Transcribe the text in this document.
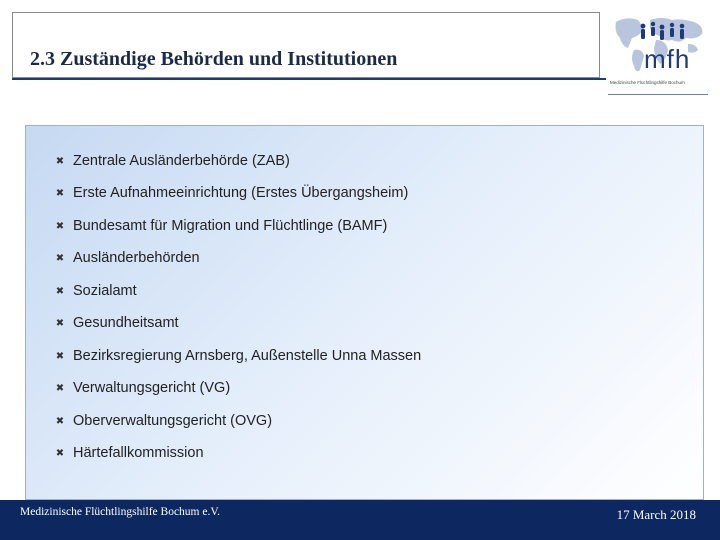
2.3 Zuständige Behörden und Institutionen	mfh
Medizinische Flüchtlingshilfe Bochum
✖ Zentrale Ausländerbehörde (ZAB)
✖ Erste Aufnahmeeinrichtung (Erstes Übergangsheim)
✖ Bundesamt für Migration und Flüchtlinge (BAMF)
✖ Ausländerbehörden
✖ Sozialamt
✖ Gesundheitsamt
✖ Bezirksregierung Arnsberg, Außenstelle Unna Massen
✖ Verwaltungsgericht (VG)
✖ Oberverwaltungsgericht (OVG)
✖ Härtefallkommission
Medizinische Flüchtlingshilfe Bochum e.V.	17 March 2018
